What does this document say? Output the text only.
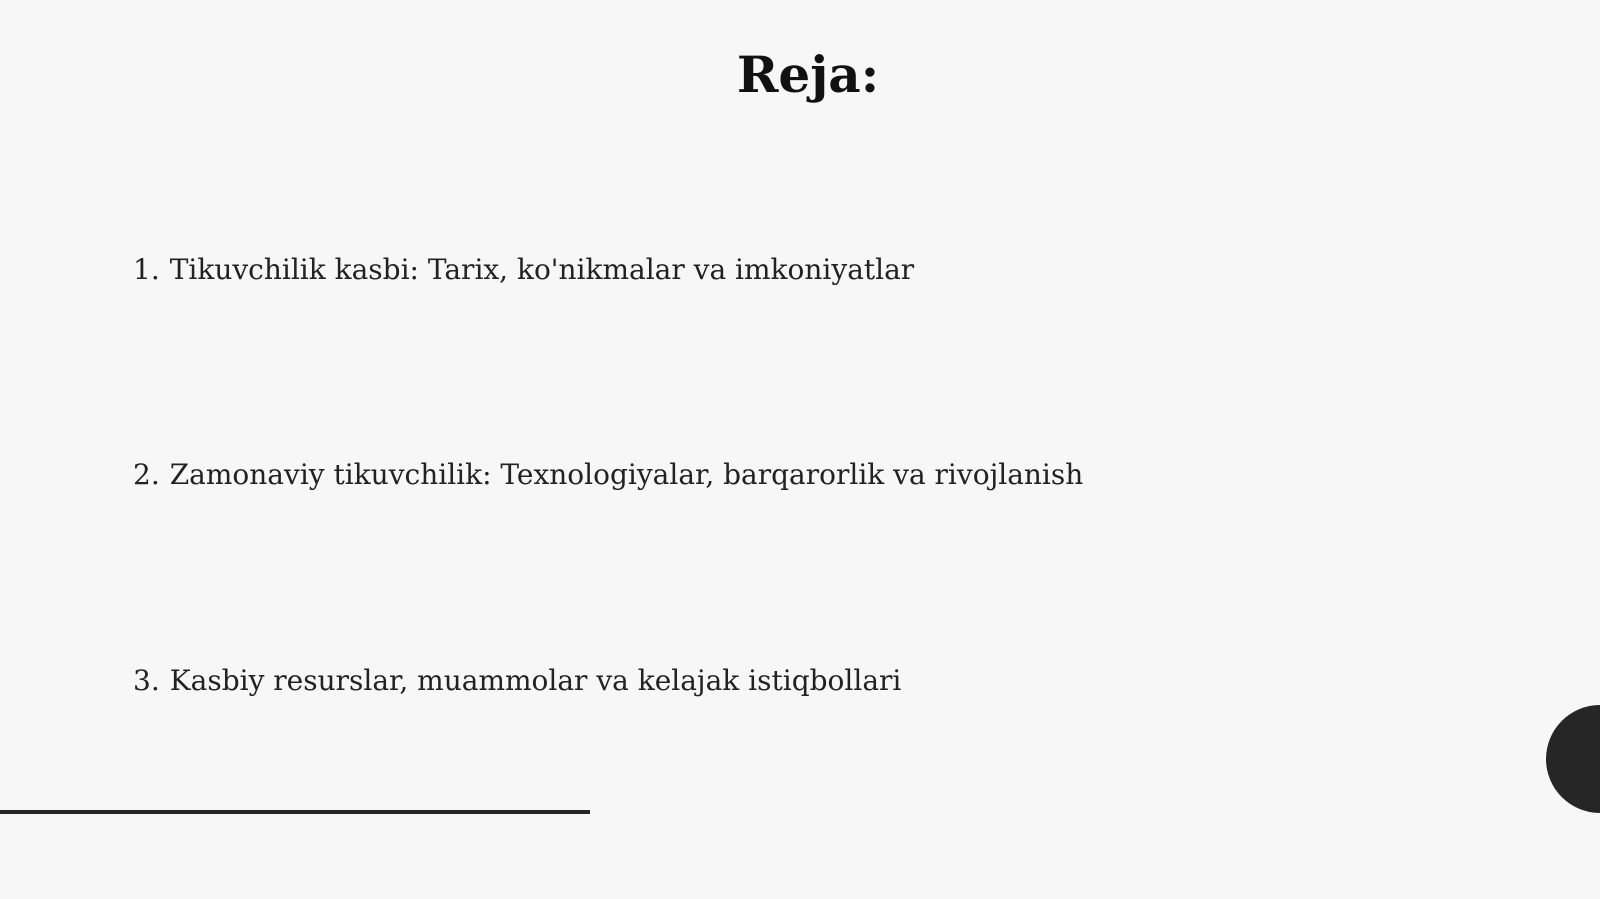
Reja:
1. Tikuvchilik kasbi: Tarix, ko'nikmalar va imkoniyatlar
2. Zamonaviy tikuvchilik: Texnologiyalar, barqarorlik va rivojlanish
3. Kasbiy resurslar, muammolar va kelajak istiqbollari
